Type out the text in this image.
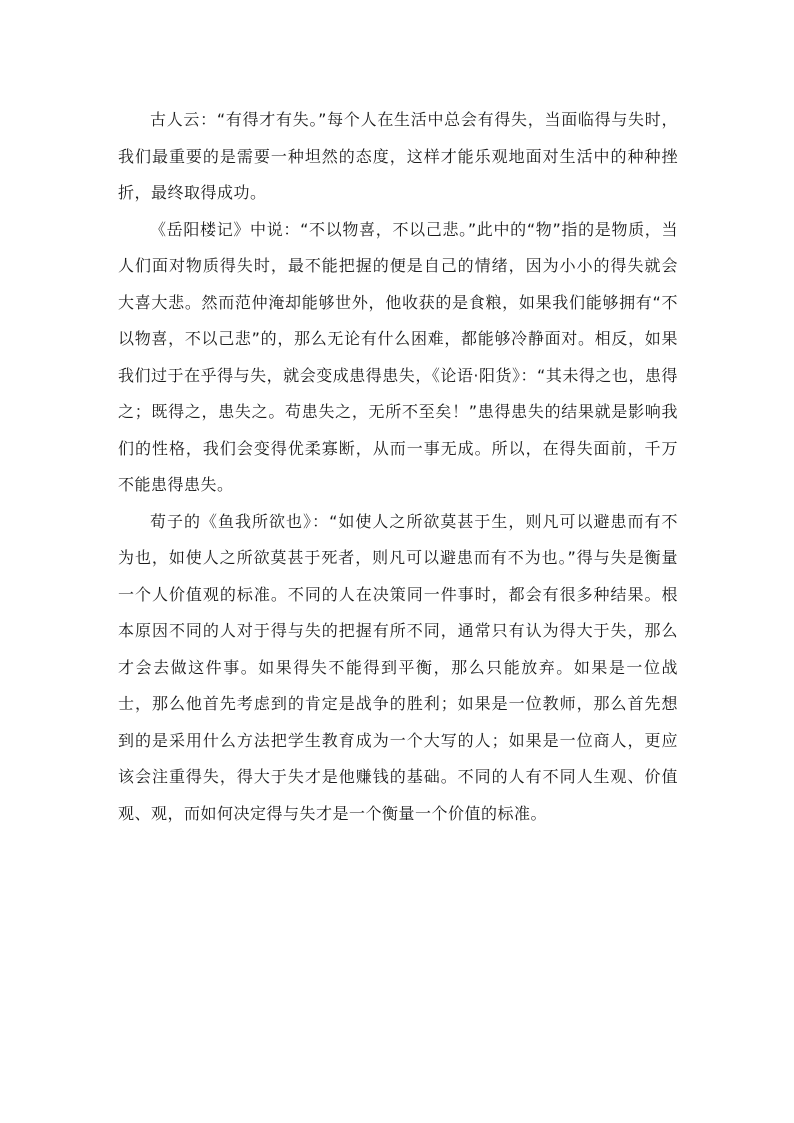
古人云：“有得才有失。”每个人在生活中总会有得失，当面临得与失时，我们最重要的是需要一种坦然的态度，这样才能乐观地面对生活中的种种挫折，最终取得成功。

《岳阳楼记》中说：“不以物喜，不以己悲。”此中的“物”指的是物质，当人们面对物质得失时，最不能把握的便是自己的情绪，因为小小的得失就会大喜大悲。然而范仲淹却能够世外，他收获的是食粮，如果我们能够拥有“不以物喜，不以己悲”的，那么无论有什么困难，都能够冷静面对。相反，如果我们过于在乎得与失，就会变成患得患失，《论语·阳货》：“其未得之也，患得之；既得之，患失之。苟患失之，无所不至矣！”患得患失的结果就是影响我们的性格，我们会变得优柔寡断，从而一事无成。所以，在得失面前，千万不能患得患失。

荀子的《鱼我所欲也》：“如使人之所欲莫甚于生，则凡可以避患而有不为也，如使人之所欲莫甚于死者，则凡可以避患而有不为也。”得与失是衡量一个人价值观的标准。不同的人在决策同一件事时，都会有很多种结果。根本原因不同的人对于得与失的把握有所不同，通常只有认为得大于失，那么才会去做这件事。如果得失不能得到平衡，那么只能放弃。如果是一位战士，那么他首先考虑到的肯定是战争的胜利；如果是一位教师，那么首先想到的是采用什么方法把学生教育成为一个大写的人；如果是一位商人，更应该会注重得失，得大于失才是他赚钱的基础。不同的人有不同人生观、价值观、观，而如何决定得与失才是一个衡量一个价值的标准。
